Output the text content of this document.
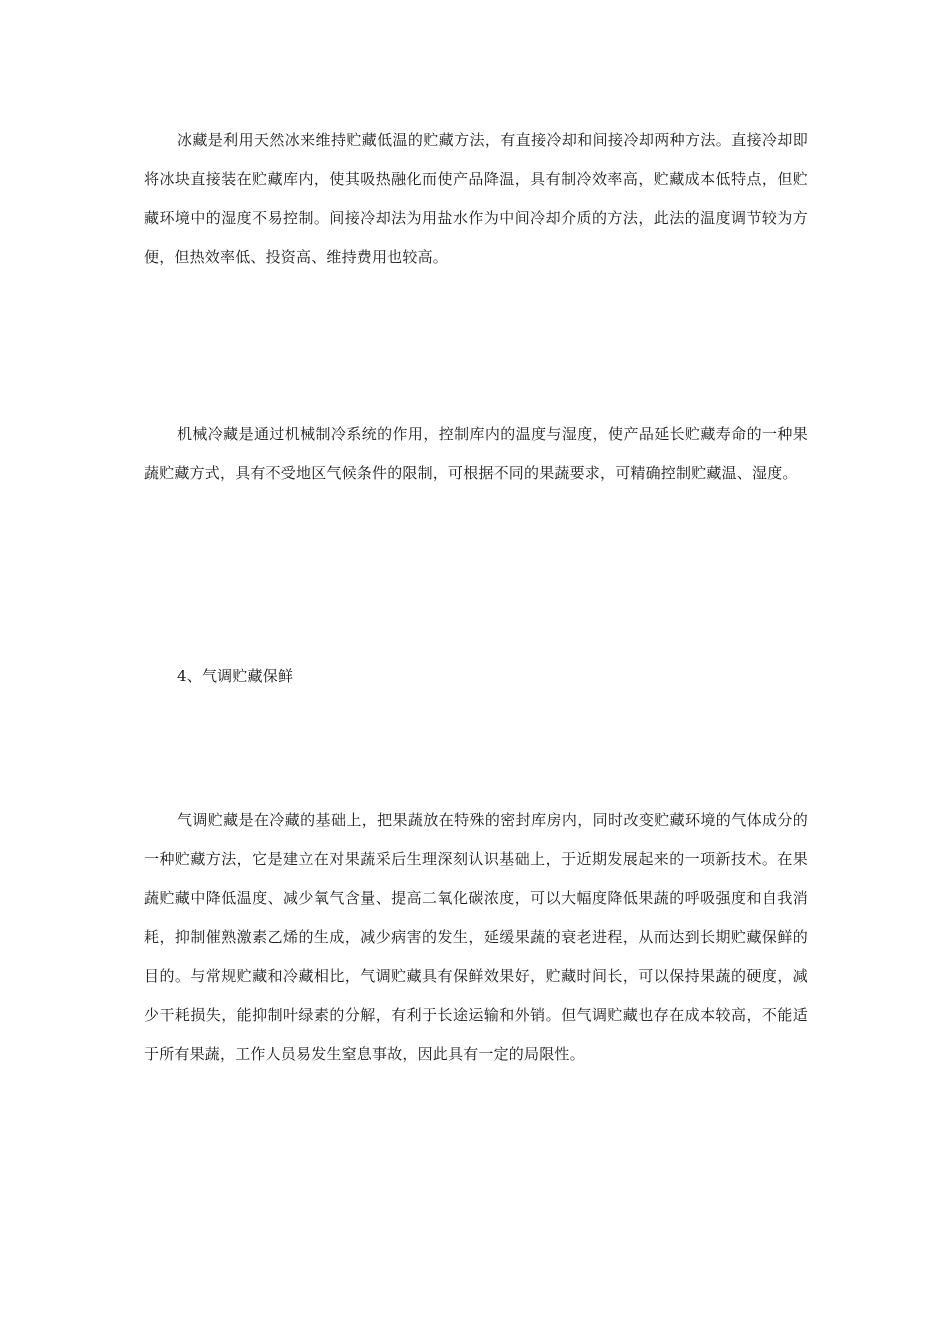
冰藏是利用天然冰来维持贮藏低温的贮藏方法，有直接冷却和间接冷却两种方法。直接冷却即将冰块直接装在贮藏库内，使其吸热融化而使产品降温，具有制冷效率高，贮藏成本低特点，但贮藏环境中的湿度不易控制。间接冷却法为用盐水作为中间冷却介质的方法，此法的温度调节较为方便，但热效率低、投资高、维持费用也较高。

机械冷藏是通过机械制冷系统的作用，控制库内的温度与湿度，使产品延长贮藏寿命的一种果蔬贮藏方式，具有不受地区气候条件的限制，可根据不同的果蔬要求，可精确控制贮藏温、湿度。

4、气调贮藏保鲜

气调贮藏是在冷藏的基础上，把果蔬放在特殊的密封库房内，同时改变贮藏环境的气体成分的一种贮藏方法，它是建立在对果蔬采后生理深刻认识基础上，于近期发展起来的一项新技术。在果蔬贮藏中降低温度、减少氧气含量、提高二氧化碳浓度，可以大幅度降低果蔬的呼吸强度和自我消耗，抑制催熟激素乙烯的生成，减少病害的发生，延缓果蔬的衰老进程，从而达到长期贮藏保鲜的目的。与常规贮藏和冷藏相比，气调贮藏具有保鲜效果好，贮藏时间长，可以保持果蔬的硬度，减少干耗损失，能抑制叶绿素的分解，有利于长途运输和外销。但气调贮藏也存在成本较高，不能适于所有果蔬，工作人员易发生窒息事故，因此具有一定的局限性。
